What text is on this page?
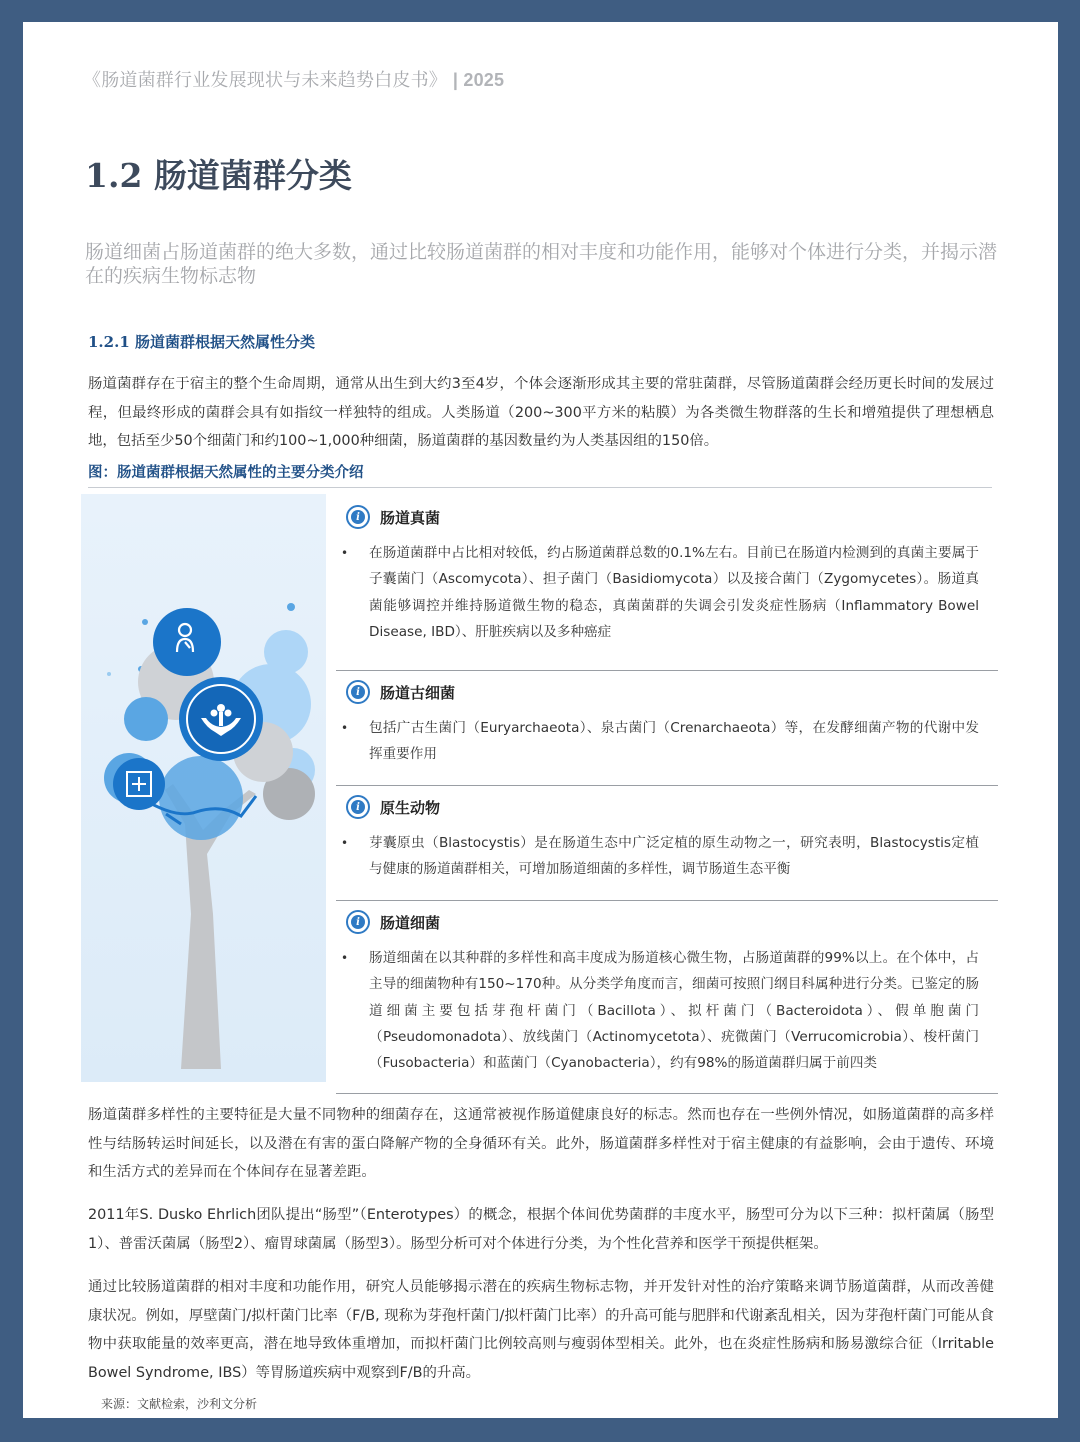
《肠道菌群行业发展现状与未来趋势白皮书》 | 2025
1.2 肠道菌群分类
肠道细菌占肠道菌群的绝大多数，通过比较肠道菌群的相对丰度和功能作用，能够对个体进行分类，并揭示潜在的疾病生物标志物
1.2.1 肠道菌群根据天然属性分类
肠道菌群存在于宿主的整个生命周期，通常从出生到大约3至4岁，个体会逐渐形成其主要的常驻菌群，尽管肠道菌群会经历更长时间的发展过程，但最终形成的菌群会具有如指纹一样独特的组成。人类肠道（200~300平方米的粘膜）为各类微生物群落的生长和增殖提供了理想栖息地，包括至少50个细菌门和约100~1,000种细菌，肠道菌群的基因数量约为人类基因组的150倍。
图：肠道菌群根据天然属性的主要分类介绍
i	肠道真菌
•	在肠道菌群中占比相对较低，约占肠道菌群总数的0.1%左右。目前已在肠道内检测到的真菌主要属于子囊菌门（Ascomycota）、担子菌门（Basidiomycota）以及接合菌门（Zygomycetes）。肠道真菌能够调控并维持肠道微生物的稳态，真菌菌群的失调会引发炎症性肠病（Inflammatory Bowel Disease, IBD）、肝脏疾病以及多种癌症
i	肠道古细菌
•	包括广古生菌门（Euryarchaeota）、泉古菌门（Crenarchaeota）等，在发酵细菌产物的代谢中发挥重要作用
i	原生动物
•	芽囊原虫（Blastocystis）是在肠道生态中广泛定植的原生动物之一，研究表明，Blastocystis定植与健康的肠道菌群相关，可增加肠道细菌的多样性，调节肠道生态平衡
i	肠道细菌
•	肠道细菌在以其种群的多样性和高丰度成为肠道核心微生物，占肠道菌群的99%以上。在个体中，占主导的细菌物种有150~170种。从分类学角度而言，细菌可按照门纲目科属种进行分类。已鉴定的肠道细菌主要包括芽孢杆菌门（Bacillota）、拟杆菌门（Bacteroidota）、假单胞菌门（Pseudomonadota）、放线菌门（Actinomycetota）、疣微菌门（Verrucomicrobia）、梭杆菌门（Fusobacteria）和蓝菌门（Cyanobacteria），约有98%的肠道菌群归属于前四类
肠道菌群多样性的主要特征是大量不同物种的细菌存在，这通常被视作肠道健康良好的标志。然而也存在一些例外情况，如肠道菌群的高多样性与结肠转运时间延长，以及潜在有害的蛋白降解产物的全身循环有关。此外，肠道菌群多样性对于宿主健康的有益影响，会由于遗传、环境和生活方式的差异而在个体间存在显著差距。
2011年S. Dusko Ehrlich团队提出“肠型”（Enterotypes）的概念，根据个体间优势菌群的丰度水平，肠型可分为以下三种：拟杆菌属（肠型1）、普雷沃菌属（肠型2）、瘤胃球菌属（肠型3）。肠型分析可对个体进行分类，为个性化营养和医学干预提供框架。
通过比较肠道菌群的相对丰度和功能作用，研究人员能够揭示潜在的疾病生物标志物，并开发针对性的治疗策略来调节肠道菌群，从而改善健康状况。例如，厚壁菌门/拟杆菌门比率（F/B, 现称为芽孢杆菌门/拟杆菌门比率）的升高可能与肥胖和代谢紊乱相关，因为芽孢杆菌门可能从食物中获取能量的效率更高，潜在地导致体重增加，而拟杆菌门比例较高则与瘦弱体型相关。此外，也在炎症性肠病和肠易激综合征（Irritable Bowel Syndrome, IBS）等胃肠道疾病中观察到F/B的升高。
来源：文献检索，沙利文分析
